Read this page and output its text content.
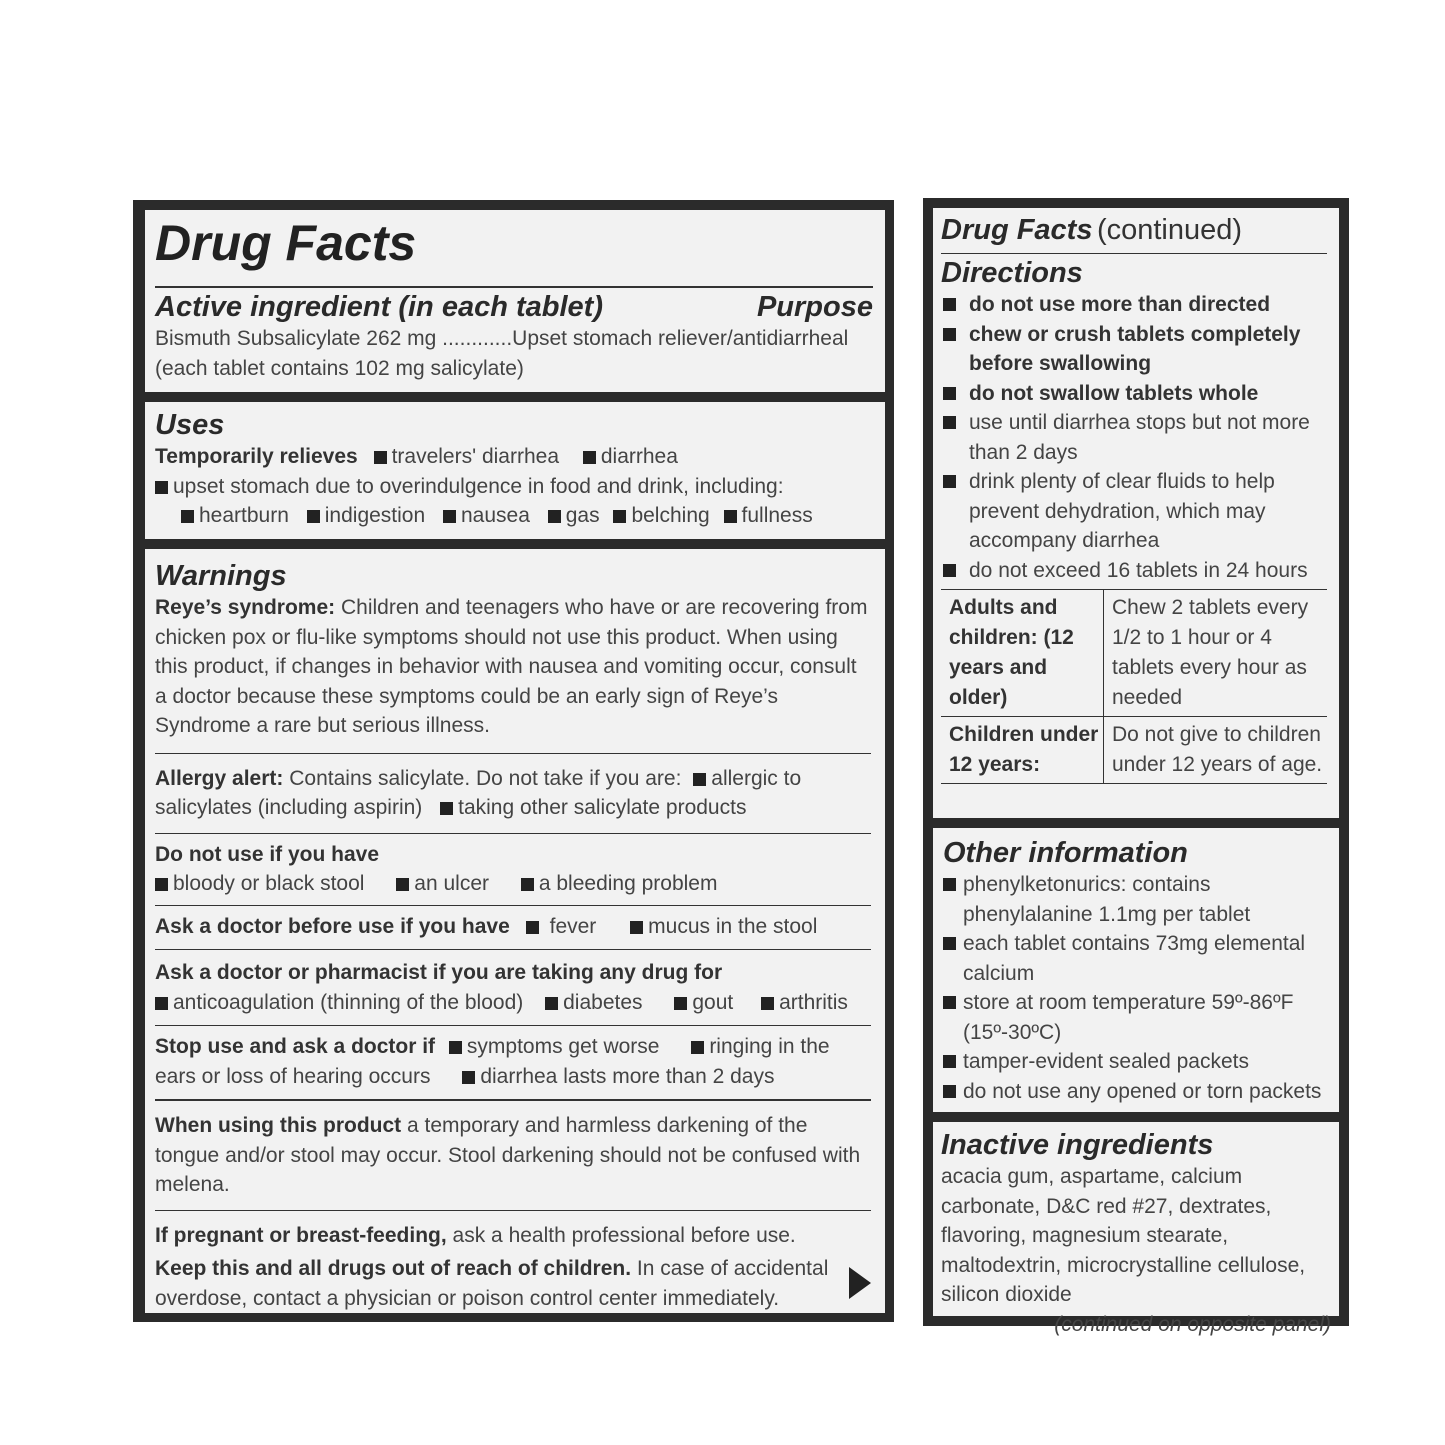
Drug Facts
Active ingredient (in each tablet)	Purpose
Bismuth Subsalicylate 262 mg ............Upset stomach reliever/antidiarrheal
(each tablet contains 102 mg salicylate)
Uses
Temporarily relieves travelers' diarrhea diarrhea
upset stomach due to overindulgence in food and drink, including:
heartburn indigestion nausea gas belching fullness
Warnings
Reye’s syndrome: Children and teenagers who have or are recovering from chicken pox or flu-like symptoms should not use this product. When using this product, if changes in behavior with nausea and vomiting occur, consult a doctor because these symptoms could be an early sign of Reye’s Syndrome a rare but serious illness.
Allergy alert: Contains salicylate. Do not take if you are: allergic to salicylates (including aspirin) taking other salicylate products
Do not use if you have
bloody or black stool an ulcer a bleeding problem
Ask a doctor before use if you have fever mucus in the stool
Ask a doctor or pharmacist if you are taking any drug for
anticoagulation (thinning of the blood) diabetes gout arthritis
Stop use and ask a doctor if symptoms get worse ringing in the ears or loss of hearing occurs diarrhea lasts more than 2 days
When using this product a temporary and harmless darkening of the tongue and/or stool may occur. Stool darkening should not be confused with melena.
If pregnant or breast-feeding, ask a health professional before use.
Keep this and all drugs out of reach of children. In case of accidental overdose, contact a physician or poison control center immediately.
Drug Facts (continued)
Directions
do not use more than directed
chew or crush tablets completely before swallowing
do not swallow tablets whole
use until diarrhea stops but not more than 2 days
drink plenty of clear fluids to help prevent dehydration, which may accompany diarrhea
do not exceed 16 tablets in 24 hours
Adults and children: (12 years and older)	Chew 2 tablets every 1/2 to 1 hour or 4 tablets every hour as needed
Children under 12 years:	Do not give to children under 12 years of age.
Other information
phenylketonurics: contains phenylalanine 1.1mg per tablet
each tablet contains 73mg elemental calcium
store at room temperature 59º-86ºF (15º-30ºC)
tamper-evident sealed packets
do not use any opened or torn packets
Inactive ingredients
acacia gum, aspartame, calcium carbonate, D&C red #27, dextrates, flavoring, magnesium stearate, maltodextrin, microcrystalline cellulose, silicon dioxide
(continued on opposite panel)
